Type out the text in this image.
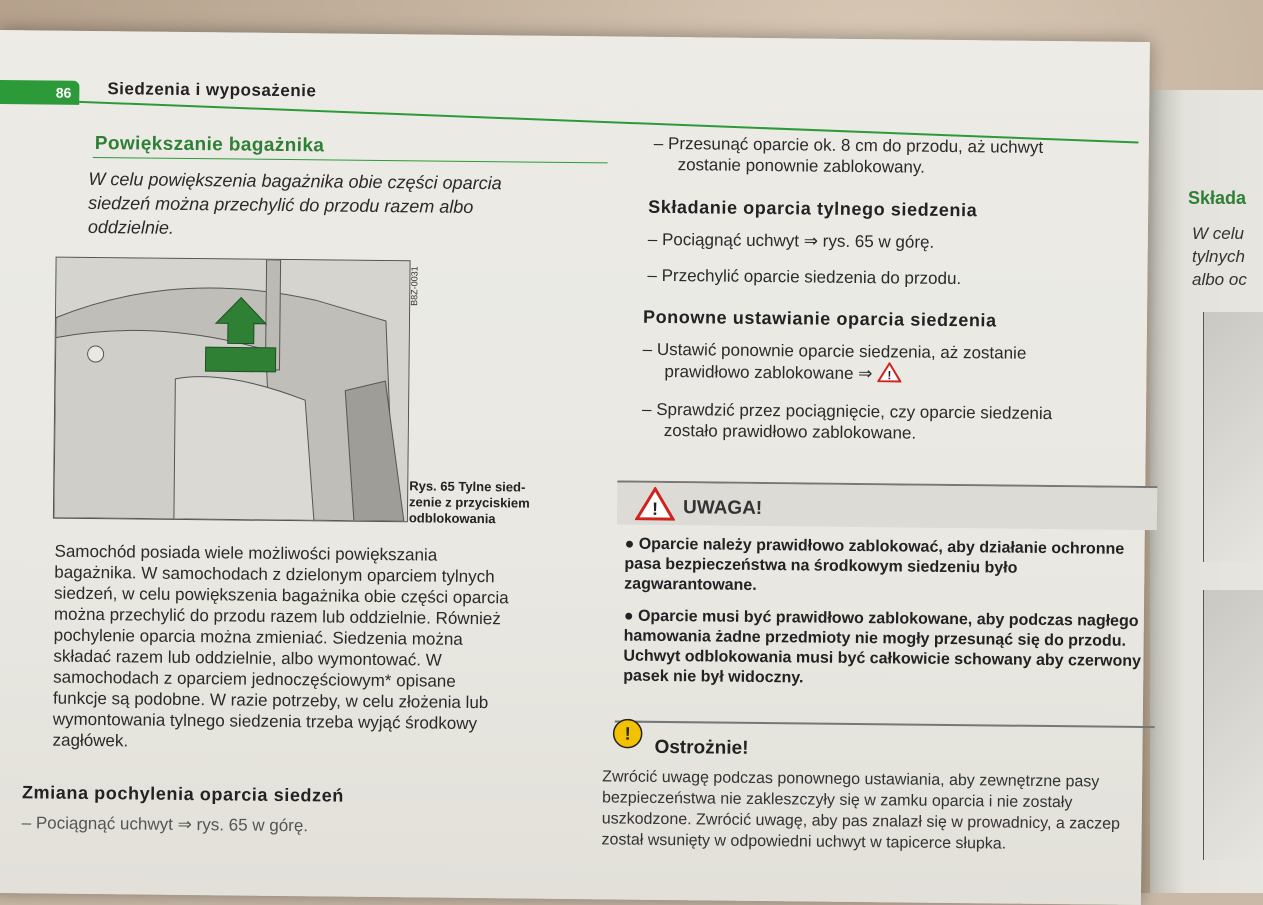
86	Siedzenia i wyposażenie
Powiększanie bagażnika
W celu powiększenia bagażnika obie części oparcia
siedzeń można przechylić do przodu razem albo
oddzielnie.
B8Z-0031
Rys. 65 Tylne sied-
zenie z przyciskiem
odblokowania
Samochód posiada wiele możliwości powiększania
bagażnika. W samochodach z dzielonym oparciem tylnych
siedzeń, w celu powiększenia bagażnika obie części oparcia
można przechylić do przodu razem lub oddzielnie. Również
pochylenie oparcia można zmieniać. Siedzenia można
składać razem lub oddzielnie, albo wymontować. W
samochodach z oparciem jednoczęściowym* opisane
funkcje są podobne. W razie potrzeby, w celu złożenia lub
wymontowania tylnego siedzenia trzeba wyjąć środkowy
zagłówek.
Zmiana pochylenia oparcia siedzeń
– Pociągnąć uchwyt ⇒ rys. 65 w górę.
– Przesunąć oparcie ok. 8 cm do przodu, aż uchwyt
zostanie ponownie zablokowany.
Składanie oparcia tylnego siedzenia
– Pociągnąć uchwyt ⇒ rys. 65 w górę.
– Przechylić oparcie siedzenia do przodu.
Ponowne ustawianie oparcia siedzenia
– Ustawić ponownie oparcie siedzenia, aż zostanie
prawidłowo zablokowane ⇒ !
– Sprawdzić przez pociągnięcie, czy oparcie siedzenia
zostało prawidłowo zablokowane.
! UWAGA!

● Oparcie należy prawidłowo zablokować, aby działanie ochronne pasa bezpieczeństwa na środkowym siedzeniu było zagwarantowane.

● Oparcie musi być prawidłowo zablokowane, aby podczas nagłego hamowania żadne przedmioty nie mogły przesunąć się do przodu. Uchwyt odblokowania musi być całkowicie schowany aby czerwony pasek nie był widoczny.

!
Ostrożnie!
Zwrócić uwagę podczas ponownego ustawiania, aby zewnętrzne pasy bezpieczeństwa nie zakleszczyły się w zamku oparcia i nie zostały uszkodzone. Zwrócić uwagę, aby pas znalazł się w prowadnicy, a zaczep został wsunięty w odpowiedni uchwyt w tapicerce słupka.
Składa
W celu
tylnych
albo oc
